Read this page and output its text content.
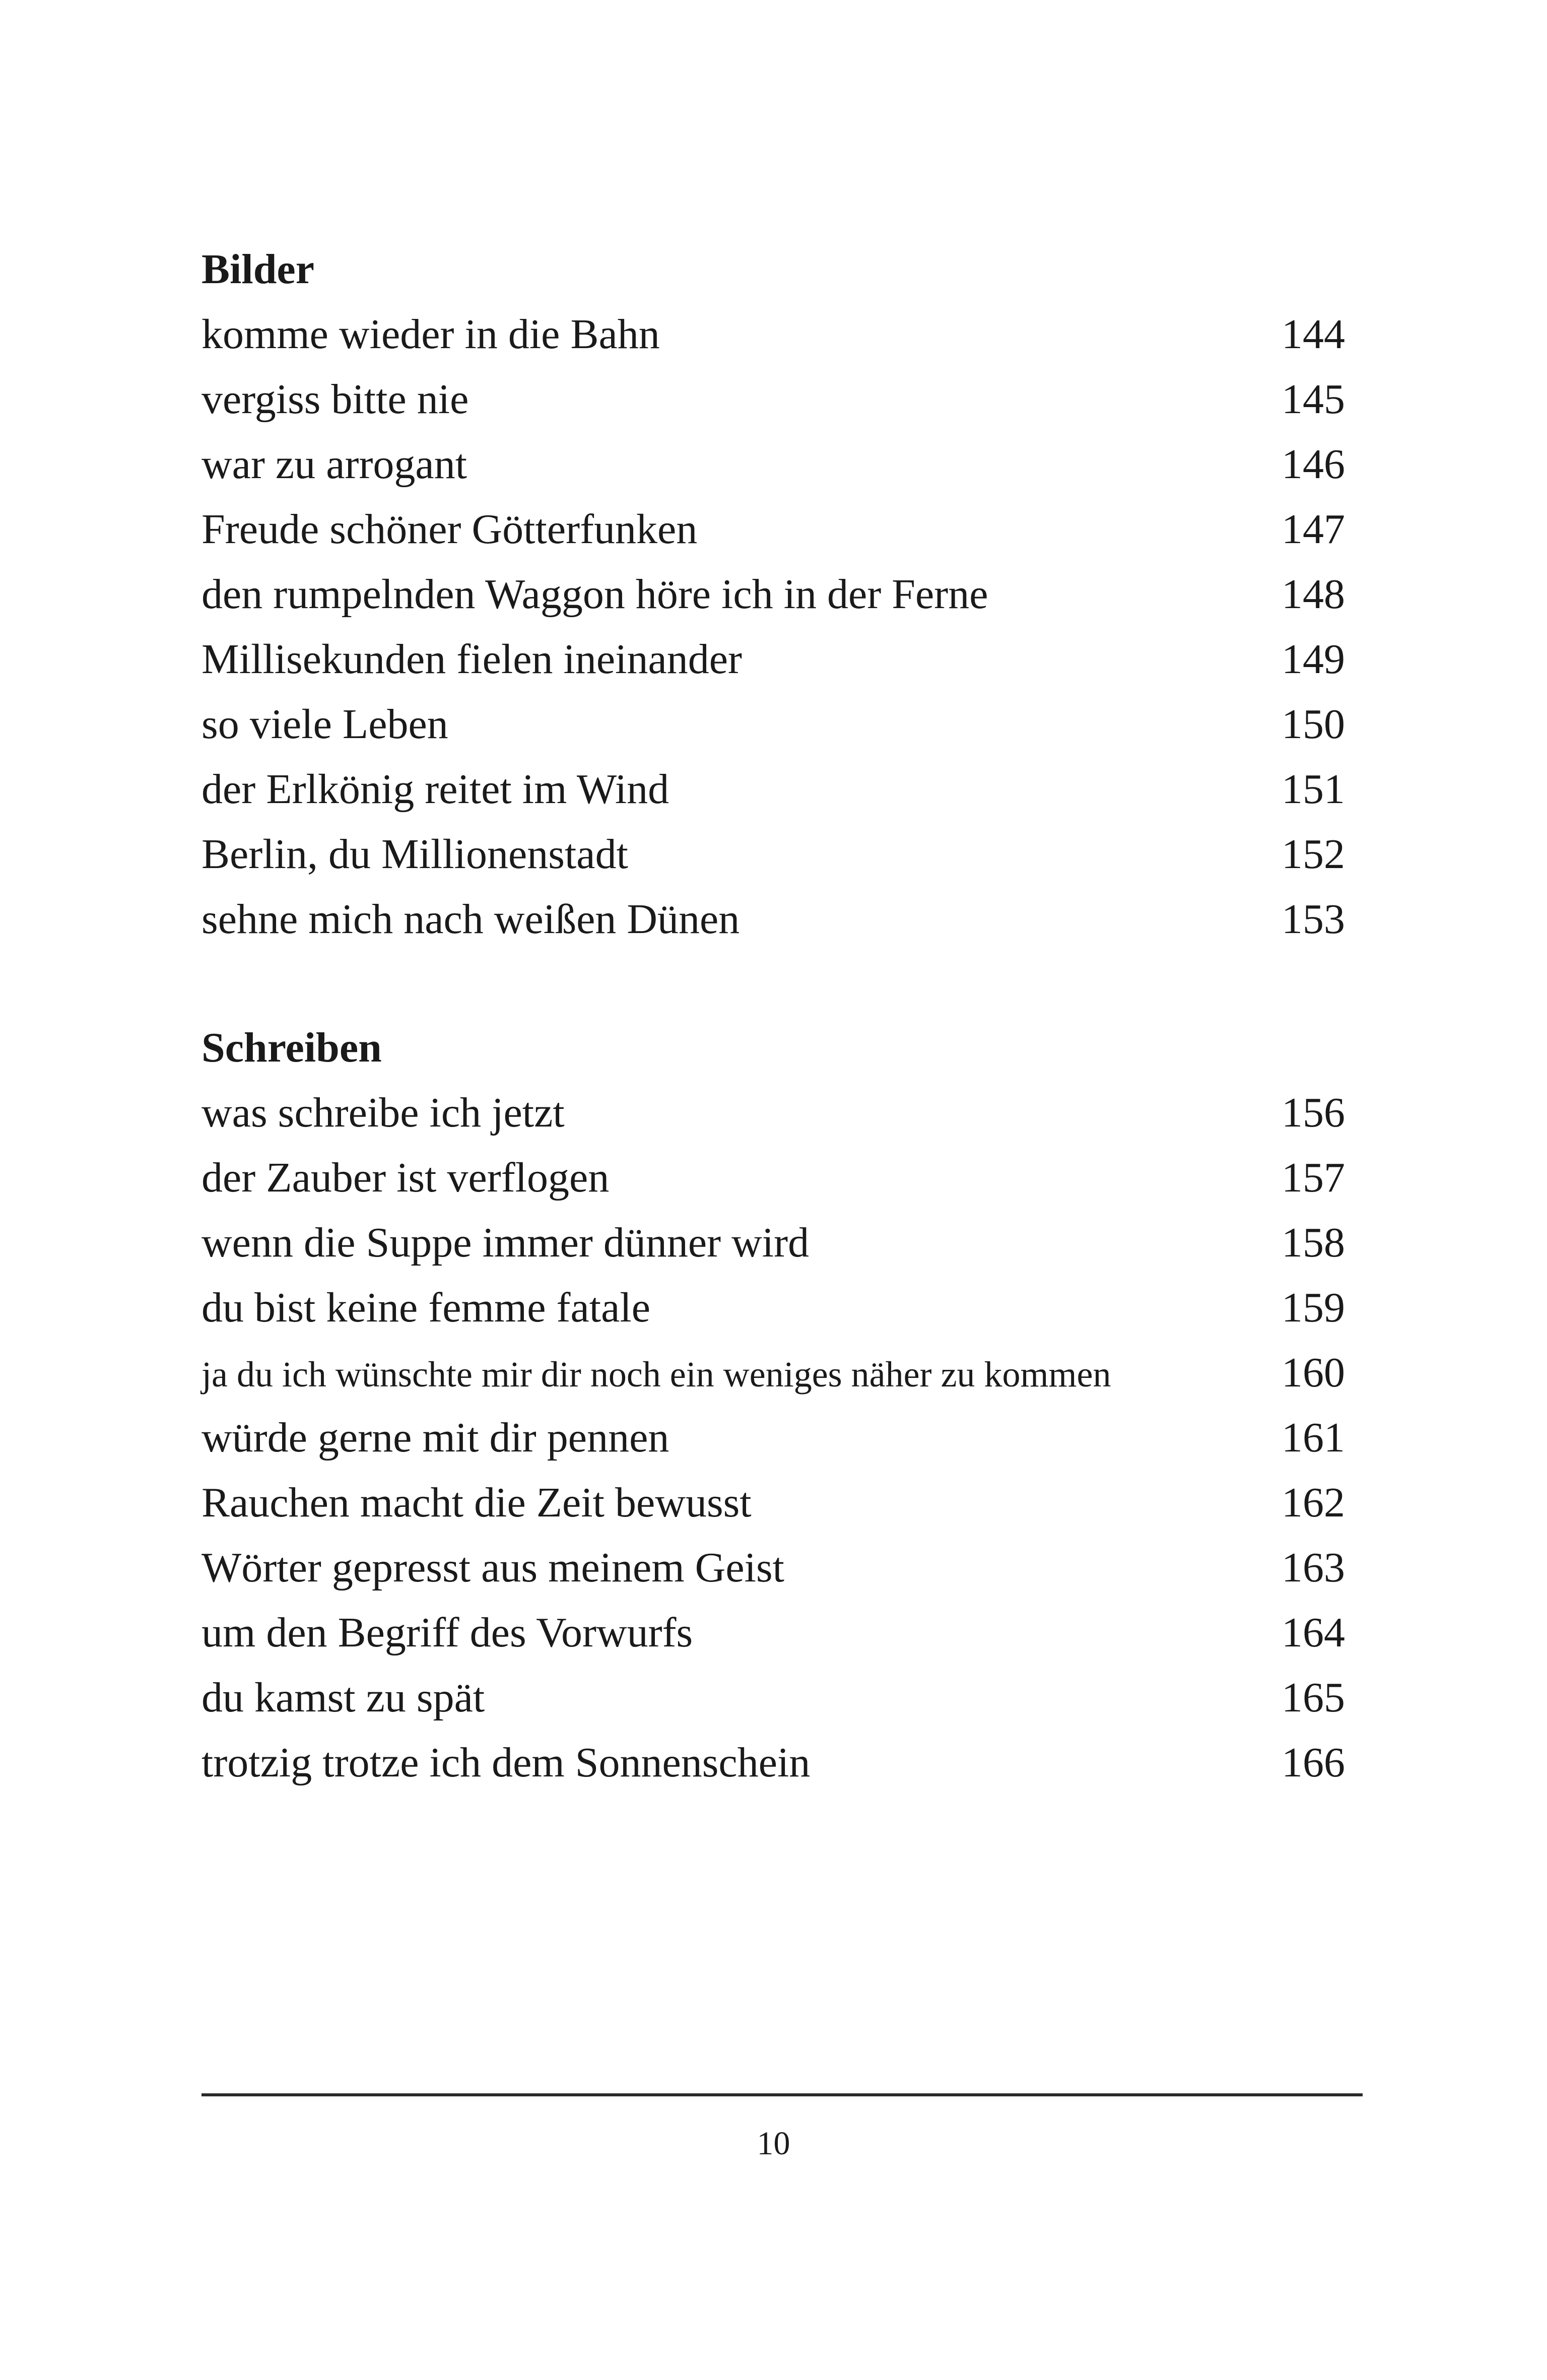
Bilder
komme wieder in die Bahn	144
vergiss bitte nie	145
war zu arrogant	146
Freude schöner Götterfunken	147
den rumpelnden Waggon höre ich in der Ferne	148
Millisekunden fielen ineinander	149
so viele Leben	150
der Erlkönig reitet im Wind	151
Berlin, du Millionenstadt	152
sehne mich nach weißen Dünen	153
Schreiben
was schreibe ich jetzt	156
der Zauber ist verflogen	157
wenn die Suppe immer dünner wird	158
du bist keine femme fatale	159
ja du ich wünschte mir dir noch ein weniges näher zu kommen	160
würde gerne mit dir pennen	161
Rauchen macht die Zeit bewusst	162
Wörter gepresst aus meinem Geist	163
um den Begriff des Vorwurfs	164
du kamst zu spät	165
trotzig trotze ich dem Sonnenschein	166
10
